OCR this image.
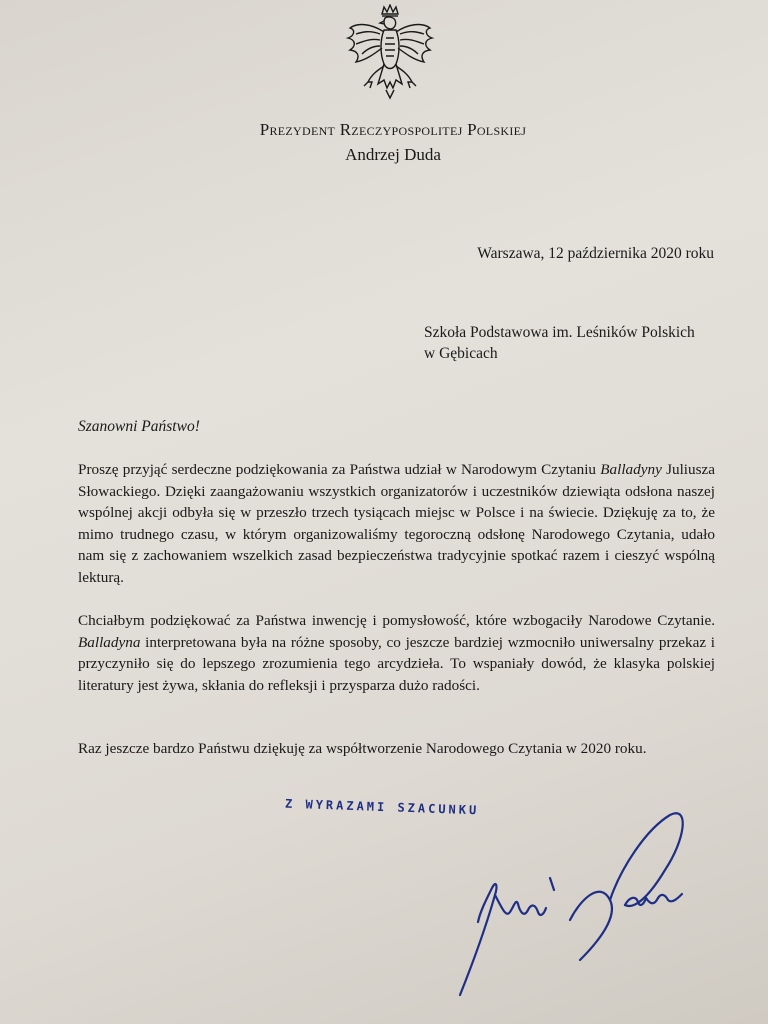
Prezydent Rzeczypospolitej Polskiej
Andrzej Duda
Warszawa, 12 października 2020 roku
Szkoła Podstawowa im. Leśników Polskich
w Gębicach
Szanowni Państwo!
Proszę przyjąć serdeczne podziękowania za Państwa udział w Narodowym Czytaniu Balladyny Juliusza Słowackiego. Dzięki zaangażowaniu wszystkich organizatorów i uczestników dziewiąta odsłona naszej wspólnej akcji odbyła się w przeszło trzech tysiącach miejsc w Polsce i na świecie. Dziękuję za to, że mimo trudnego czasu, w którym organizowaliśmy tegoroczną odsłonę Narodowego Czytania, udało nam się z zachowaniem wszelkich zasad bezpieczeństwa tradycyjnie spotkać razem i cieszyć wspólną lekturą.
Chciałbym podziękować za Państwa inwencję i pomysłowość, które wzbogaciły Narodowe Czytanie. Balladyna interpretowana była na różne sposoby, co jeszcze bardziej wzmocniło uniwersalny przekaz i przyczyniło się do lepszego zrozumienia tego arcydzieła. To wspaniały dowód, że klasyka polskiej literatury jest żywa, skłania do refleksji i przysparza dużo radości.
Raz jeszcze bardzo Państwu dziękuję za współtworzenie Narodowego Czytania w 2020 roku.
Z WYRAZAMI SZACUNKU
